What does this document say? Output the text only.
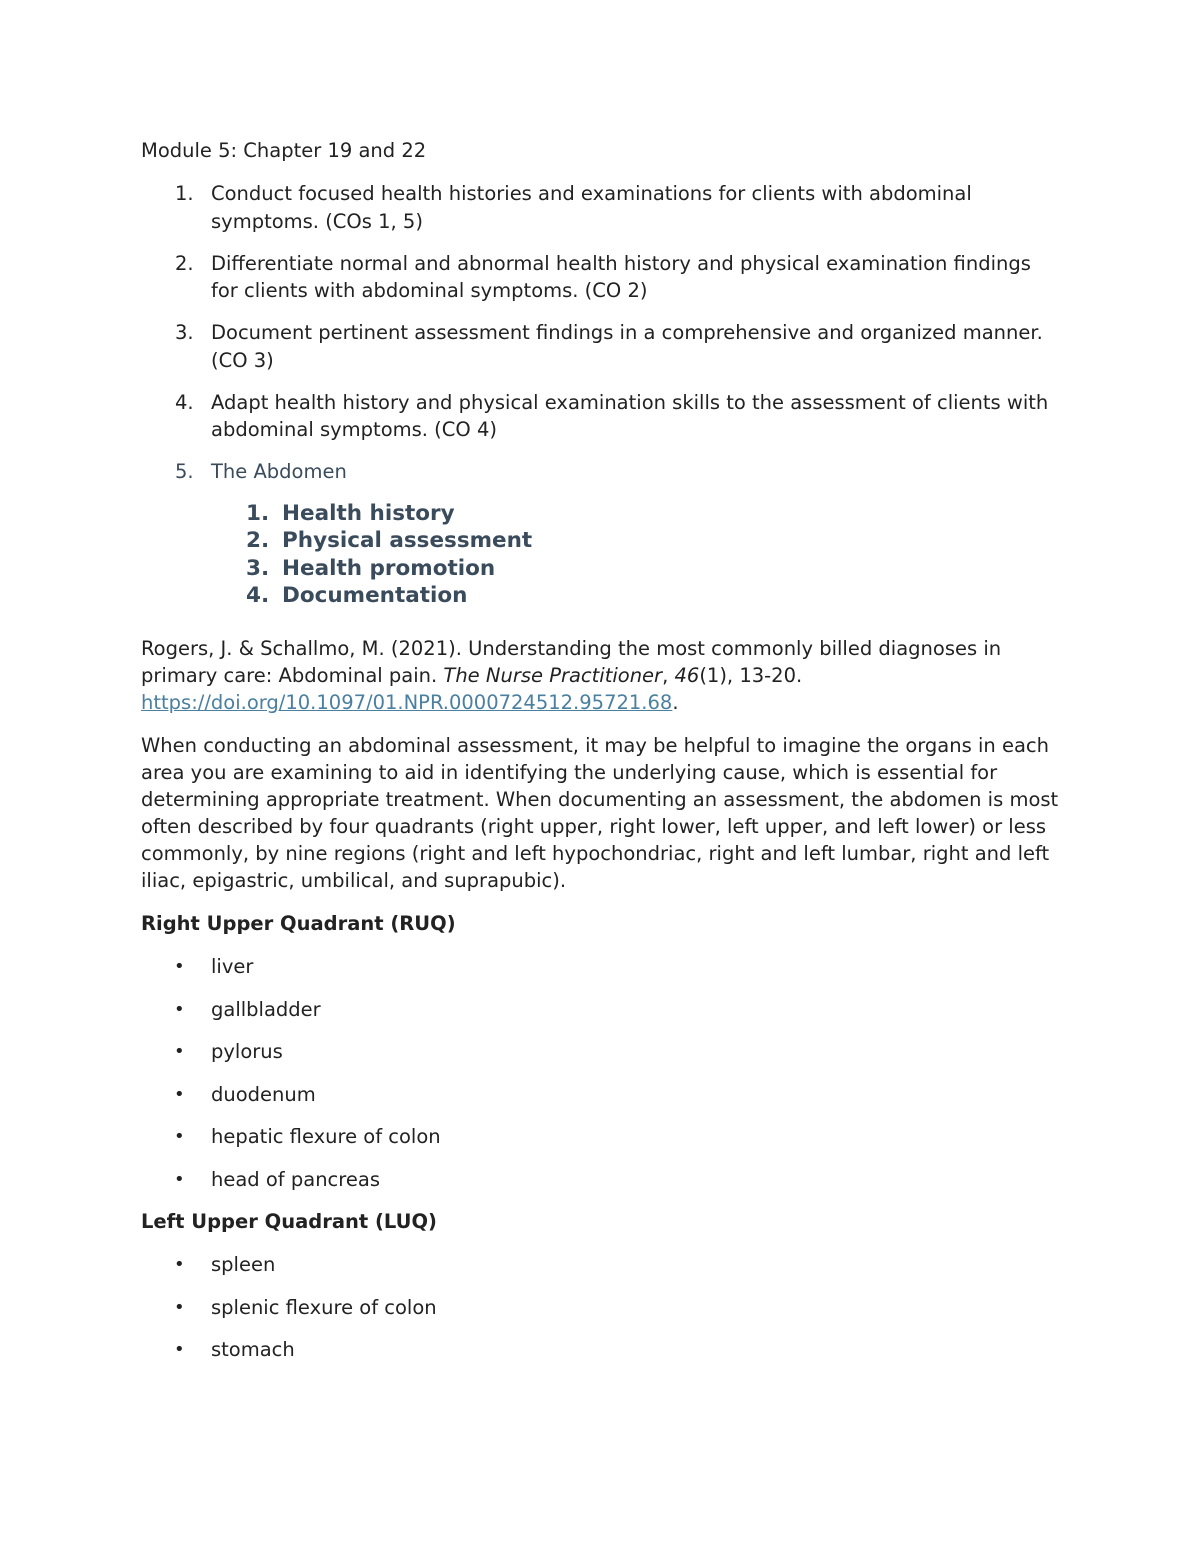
Module 5: Chapter 19 and 22

1. Conduct focused health histories and examinations for clients with abdominal symptoms. (COs 1, 5)
2. Differentiate normal and abnormal health history and physical examination findings for clients with abdominal symptoms. (CO 2)
3. Document pertinent assessment findings in a comprehensive and organized manner. (CO 3)
4. Adapt health history and physical examination skills to the assessment of clients with abdominal symptoms. (CO 4)
5. The Abdomen
1. Health history
2. Physical assessment
3. Health promotion
4. Documentation

Rogers, J. & Schallmo, M. (2021). Understanding the most commonly billed diagnoses in primary care: Abdominal pain. The Nurse Practitioner, 46(1), 13-20. https://doi.org/10.1097/01.NPR.0000724512.95721.68.

When conducting an abdominal assessment, it may be helpful to imagine the organs in each area you are examining to aid in identifying the underlying cause, which is essential for determining appropriate treatment. When documenting an assessment, the abdomen is most often described by four quadrants (right upper, right lower, left upper, and left lower) or less commonly, by nine regions (right and left hypochondriac, right and left lumbar, right and left iliac, epigastric, umbilical, and suprapubic).

Right Upper Quadrant (RUQ)

• liver
• gallbladder
• pylorus
• duodenum
• hepatic flexure of colon
• head of pancreas

Left Upper Quadrant (LUQ)

• spleen
• splenic flexure of colon
• stomach
